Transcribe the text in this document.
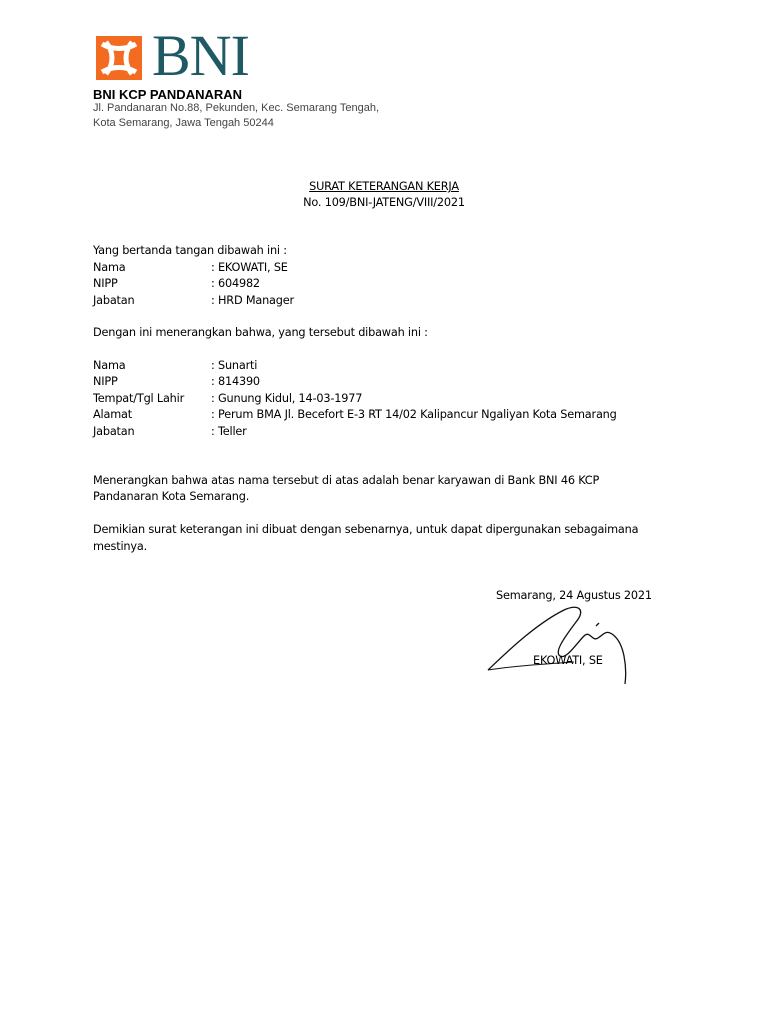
BNI
BNI KCP PANDANARAN
Jl. Pandanaran No.88, Pekunden, Kec. Semarang Tengah,
Kota Semarang, Jawa Tengah 50244
SURAT KETERANGAN KERJA
No. 109/BNI-JATENG/VIII/2021
Yang bertanda tangan dibawah ini :
Nama	: EKOWATI, SE
NIPP	: 604982
Jabatan	: HRD Manager
Dengan ini menerangkan bahwa, yang tersebut dibawah ini :
Nama	: Sunarti
NIPP	: 814390
Tempat/Tgl Lahir : Gunung Kidul, 14-03-1977
Alamat	: Perum BMA Jl. Becefort E-3 RT 14/02 Kalipancur Ngaliyan Kota Semarang
Jabatan	: Teller
Menerangkan bahwa atas nama tersebut di atas adalah benar karyawan di Bank BNI 46 KCP
Pandanaran Kota Semarang.
Demikian surat keterangan ini dibuat dengan sebenarnya, untuk dapat dipergunakan sebagaimana
mestinya.
Semarang, 24 Agustus 2021
EKOWATI, SE
